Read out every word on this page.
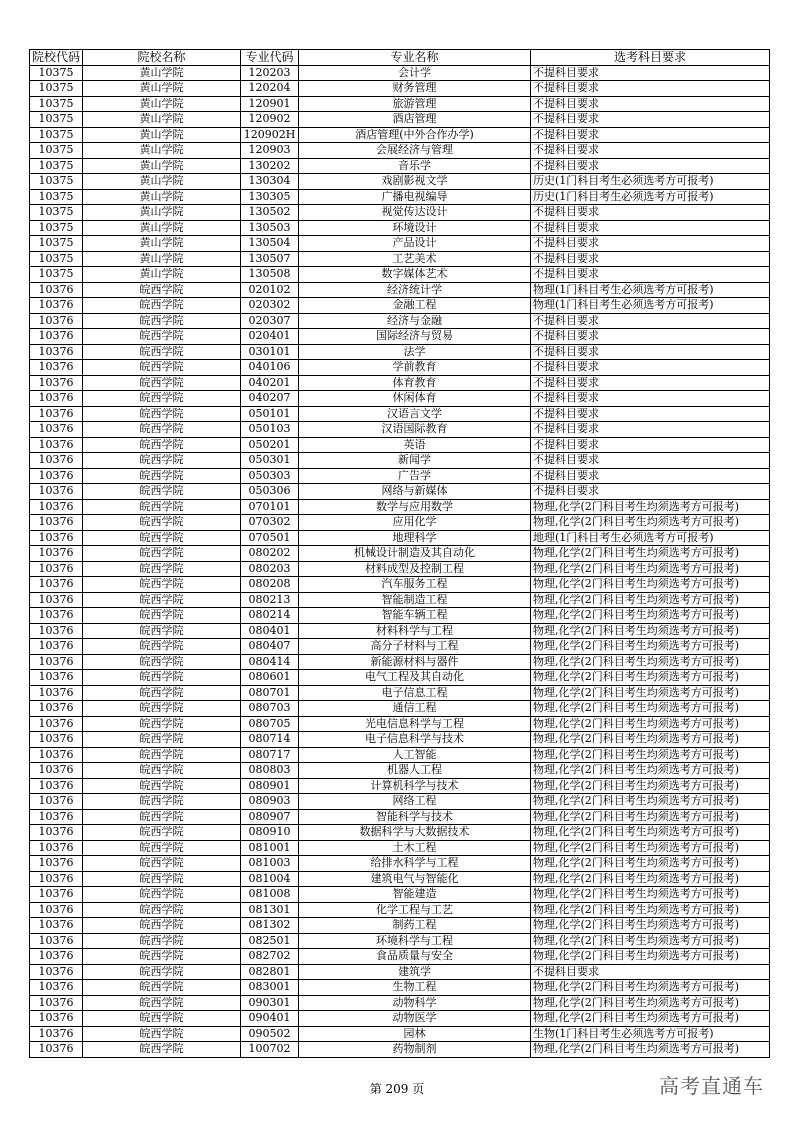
院校代码	院校名称	专业代码	专业名称	选考科目要求
10375	黄山学院	120203	会计学	不提科目要求
10375	黄山学院	120204	财务管理	不提科目要求
10375	黄山学院	120901	旅游管理	不提科目要求
10375	黄山学院	120902	酒店管理	不提科目要求
10375	黄山学院	120902H	酒店管理(中外合作办学)	不提科目要求
10375	黄山学院	120903	会展经济与管理	不提科目要求
10375	黄山学院	130202	音乐学	不提科目要求
10375	黄山学院	130304	戏剧影视文学	历史(1门科目考生必须选考方可报考)
10375	黄山学院	130305	广播电视编导	历史(1门科目考生必须选考方可报考)
10375	黄山学院	130502	视觉传达设计	不提科目要求
10375	黄山学院	130503	环境设计	不提科目要求
10375	黄山学院	130504	产品设计	不提科目要求
10375	黄山学院	130507	工艺美术	不提科目要求
10375	黄山学院	130508	数字媒体艺术	不提科目要求
10376	皖西学院	020102	经济统计学	物理(1门科目考生必须选考方可报考)
10376	皖西学院	020302	金融工程	物理(1门科目考生必须选考方可报考)
10376	皖西学院	020307	经济与金融	不提科目要求
10376	皖西学院	020401	国际经济与贸易	不提科目要求
10376	皖西学院	030101	法学	不提科目要求
10376	皖西学院	040106	学前教育	不提科目要求
10376	皖西学院	040201	体育教育	不提科目要求
10376	皖西学院	040207	休闲体育	不提科目要求
10376	皖西学院	050101	汉语言文学	不提科目要求
10376	皖西学院	050103	汉语国际教育	不提科目要求
10376	皖西学院	050201	英语	不提科目要求
10376	皖西学院	050301	新闻学	不提科目要求
10376	皖西学院	050303	广告学	不提科目要求
10376	皖西学院	050306	网络与新媒体	不提科目要求
10376	皖西学院	070101	数学与应用数学	物理,化学(2门科目考生均须选考方可报考)
10376	皖西学院	070302	应用化学	物理,化学(2门科目考生均须选考方可报考)
10376	皖西学院	070501	地理科学	地理(1门科目考生必须选考方可报考)
10376	皖西学院	080202	机械设计制造及其自动化	物理,化学(2门科目考生均须选考方可报考)
10376	皖西学院	080203	材料成型及控制工程	物理,化学(2门科目考生均须选考方可报考)
10376	皖西学院	080208	汽车服务工程	物理,化学(2门科目考生均须选考方可报考)
10376	皖西学院	080213	智能制造工程	物理,化学(2门科目考生均须选考方可报考)
10376	皖西学院	080214	智能车辆工程	物理,化学(2门科目考生均须选考方可报考)
10376	皖西学院	080401	材料科学与工程	物理,化学(2门科目考生均须选考方可报考)
10376	皖西学院	080407	高分子材料与工程	物理,化学(2门科目考生均须选考方可报考)
10376	皖西学院	080414	新能源材料与器件	物理,化学(2门科目考生均须选考方可报考)
10376	皖西学院	080601	电气工程及其自动化	物理,化学(2门科目考生均须选考方可报考)
10376	皖西学院	080701	电子信息工程	物理,化学(2门科目考生均须选考方可报考)
10376	皖西学院	080703	通信工程	物理,化学(2门科目考生均须选考方可报考)
10376	皖西学院	080705	光电信息科学与工程	物理,化学(2门科目考生均须选考方可报考)
10376	皖西学院	080714	电子信息科学与技术	物理,化学(2门科目考生均须选考方可报考)
10376	皖西学院	080717	人工智能	物理,化学(2门科目考生均须选考方可报考)
10376	皖西学院	080803	机器人工程	物理,化学(2门科目考生均须选考方可报考)
10376	皖西学院	080901	计算机科学与技术	物理,化学(2门科目考生均须选考方可报考)
10376	皖西学院	080903	网络工程	物理,化学(2门科目考生均须选考方可报考)
10376	皖西学院	080907	智能科学与技术	物理,化学(2门科目考生均须选考方可报考)
10376	皖西学院	080910	数据科学与大数据技术	物理,化学(2门科目考生均须选考方可报考)
10376	皖西学院	081001	土木工程	物理,化学(2门科目考生均须选考方可报考)
10376	皖西学院	081003	给排水科学与工程	物理,化学(2门科目考生均须选考方可报考)
10376	皖西学院	081004	建筑电气与智能化	物理,化学(2门科目考生均须选考方可报考)
10376	皖西学院	081008	智能建造	物理,化学(2门科目考生均须选考方可报考)
10376	皖西学院	081301	化学工程与工艺	物理,化学(2门科目考生均须选考方可报考)
10376	皖西学院	081302	制药工程	物理,化学(2门科目考生均须选考方可报考)
10376	皖西学院	082501	环境科学与工程	物理,化学(2门科目考生均须选考方可报考)
10376	皖西学院	082702	食品质量与安全	物理,化学(2门科目考生均须选考方可报考)
10376	皖西学院	082801	建筑学	不提科目要求
10376	皖西学院	083001	生物工程	物理,化学(2门科目考生均须选考方可报考)
10376	皖西学院	090301	动物科学	物理,化学(2门科目考生均须选考方可报考)
10376	皖西学院	090401	动物医学	物理,化学(2门科目考生均须选考方可报考)
10376	皖西学院	090502	园林	生物(1门科目考生必须选考方可报考)
10376	皖西学院	100702	药物制剂	物理,化学(2门科目考生均须选考方可报考)
第 209 页	高考直通车
